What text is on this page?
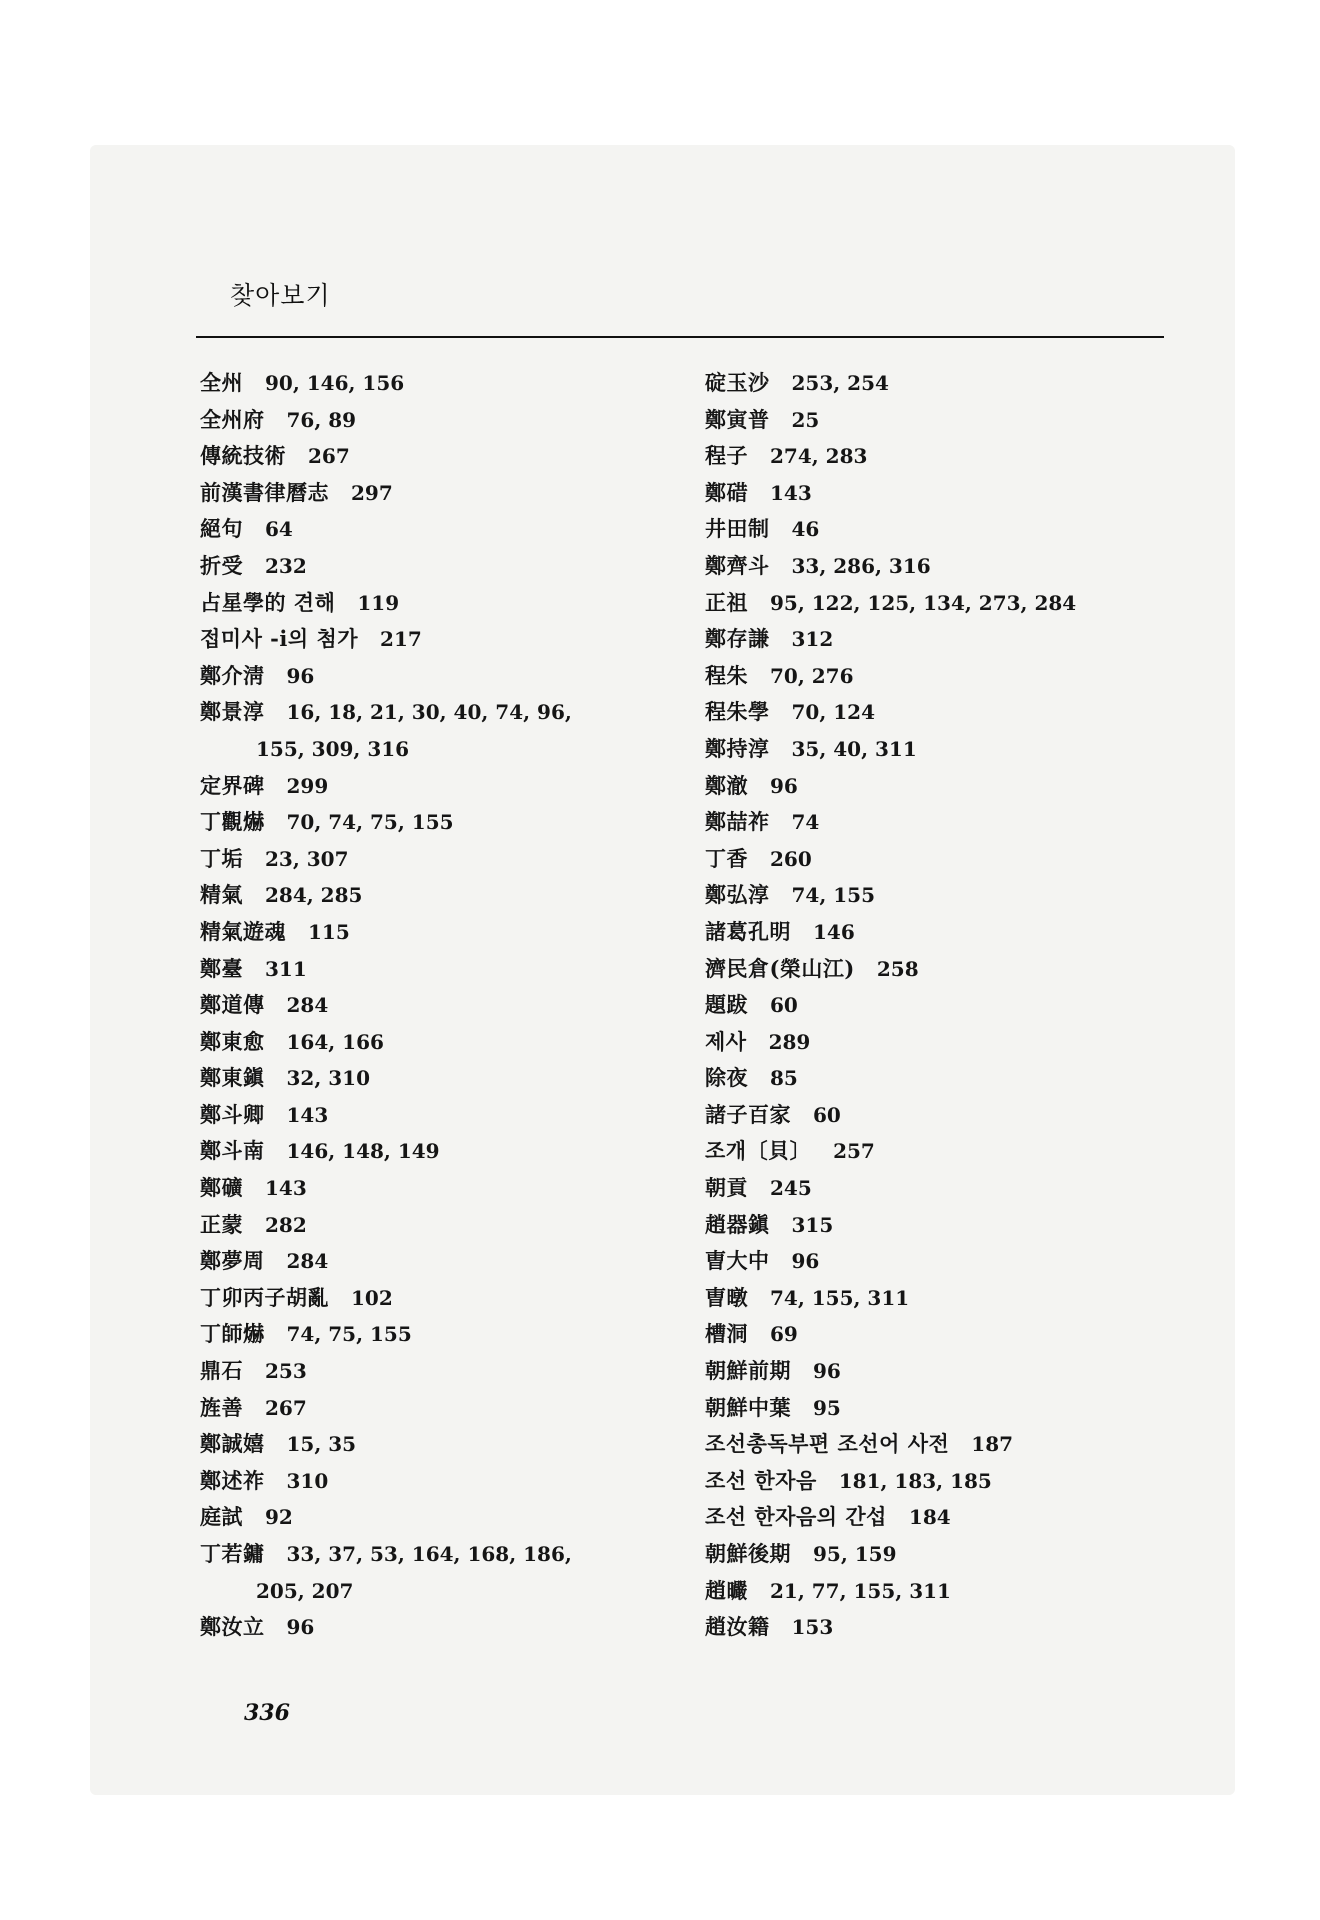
찾아보기
全州 90, 146, 156
全州府 76, 89
傳統技術 267
前漢書律曆志 297
絕句 64
折受 232
占星學的 견해 119
접미사 -i의 첨가 217
鄭介淸 96
鄭景淳 16, 18, 21, 30, 40, 74, 96,
155, 309, 316
定界碑 299
丁觀爀 70, 74, 75, 155
丁垢 23, 307
精氣 284, 285
精氣遊魂 115
鄭臺 311
鄭道傳 284
鄭東愈 164, 166
鄭東鎭 32, 310
鄭斗卿 143
鄭斗南 146, 148, 149
鄭礦 143
正蒙 282
鄭夢周 284
丁卯丙子胡亂 102
丁師爀 74, 75, 155
鼎石 253
旌善 267
鄭誠嬉 15, 35
鄭述祚 310
庭試 92
丁若鏞 33, 37, 53, 164, 168, 186,
205, 207
鄭汝立 96
碇玉沙 253, 254
鄭寅普 25
程子 274, 283
鄭碏 143
井田制 46
鄭齊斗 33, 286, 316
正祖 95, 122, 125, 134, 273, 284
鄭存謙 312
程朱 70, 276
程朱學 70, 124
鄭持淳 35, 40, 311
鄭澈 96
鄭喆祚 74
丁香 260
鄭弘淳 74, 155
諸葛孔明 146
濟民倉(榮山江) 258
題跋 60
제사 289
除夜 85
諸子百家 60
조개〔貝〕 257
朝貢 245
趙器鎭 315
曺大中 96
曺暾 74, 155, 311
槽洞 69
朝鮮前期 96
朝鮮中葉 95
조선총독부편 조선어 사전 187
조선 한자음 181, 183, 185
조선 한자음의 간섭 184
朝鮮後期 95, 159
趙曮 21, 77, 155, 311
趙汝籍 153
336
